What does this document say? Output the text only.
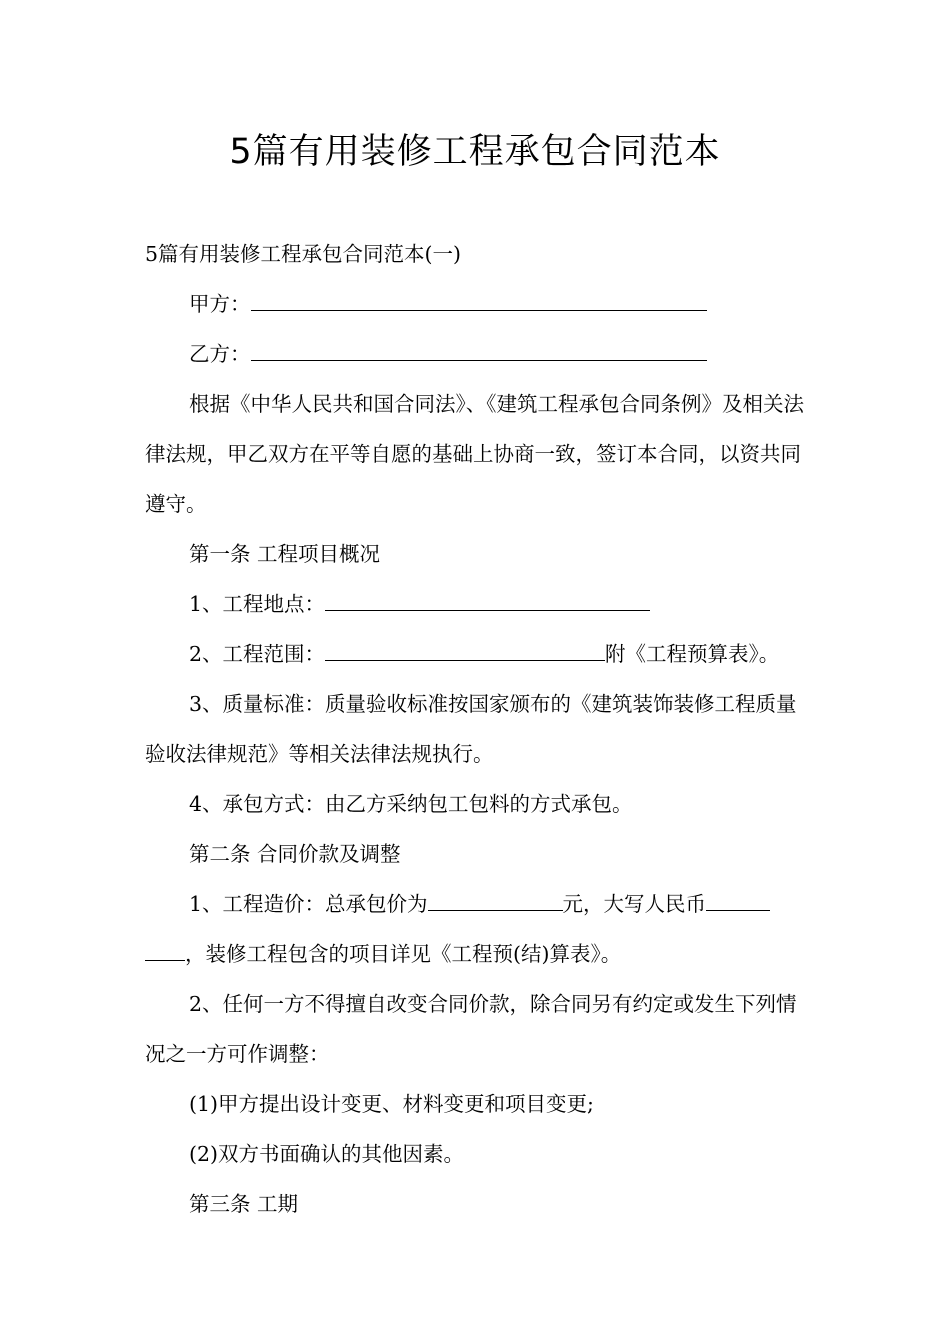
5篇有用装修工程承包合同范本

5篇有用装修工程承包合同范本(一)

甲方：

乙方：

根据《中华人民共和国合同法》、《建筑工程承包合同条例》及相关法律法规，甲乙双方在平等自愿的基础上协商一致，签订本合同，以资共同遵守。

第一条 工程项目概况

1、工程地点：

2、工程范围：	附《工程预算表》。

3、质量标准：质量验收标准按国家颁布的《建筑装饰装修工程质量验收法律规范》等相关法律法规执行。

4、承包方式：由乙方采纳包工包料的方式承包。

第二条 合同价款及调整

1、工程造价：总承包价为	元，大写人民币

，装修工程包含的项目详见《工程预(结)算表》。

2、任何一方不得擅自改变合同价款，除合同另有约定或发生下列情况之一方可作调整：

(1)甲方提出设计变更、材料变更和项目变更;

(2)双方书面确认的其他因素。

第三条 工期
